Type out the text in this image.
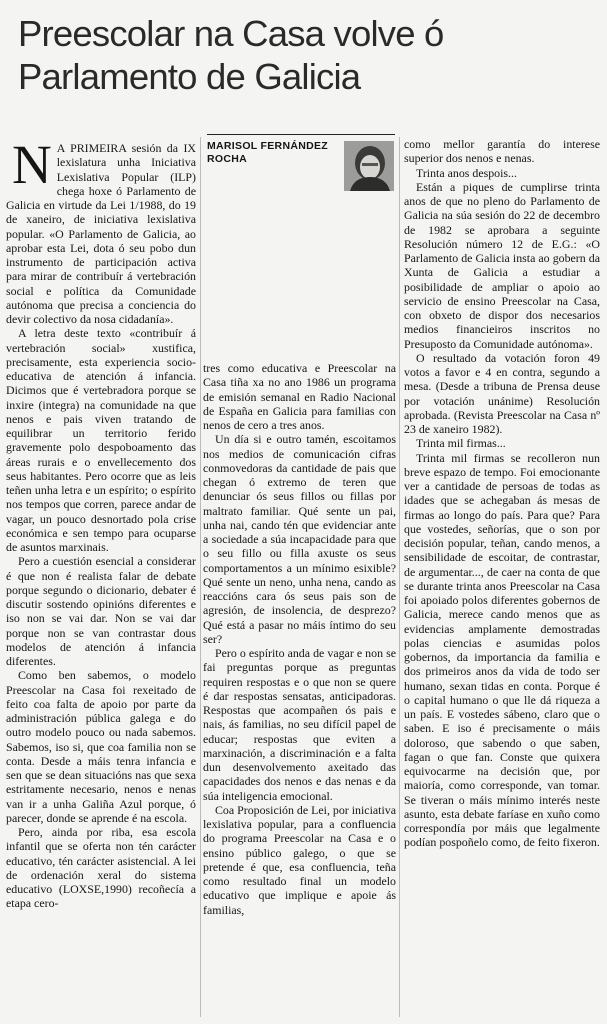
Preescolar na Casa volve ó
Parlamento de Galicia
N A PRIMEIRA sesión da IX lexislatura unha Iniciativa Lexislativa Popular (ILP) chega hoxe ó Parlamento de Galicia en virtude da Lei 1/1988, do 19 de xaneiro, de iniciativa lexislativa popular. «O Parlamento de Galicia, ao aprobar esta Lei, dota ó seu pobo dun instrumento de participación activa para mirar de contribuír á vertebración social e política da Comunidade autónoma que precisa a conciencia do devir colectivo da nosa cidadanía».

A letra deste texto «contribuír á vertebración social» xustifica, precisamente, esta experiencia socio-educativa de atención á infancia. Dicimos que é vertebradora porque se inxire (integra) na comunidade na que nenos e pais viven tratando de equilibrar un territorio ferido gravemente polo despoboamento das áreas rurais e o envellecemento dos seus habitantes. Pero ocorre que as leis teñen unha letra e un espírito; o espírito nos tempos que corren, parece andar de vagar, un pouco desnortado pola crise económica e sen tempo para ocuparse de asuntos marxinais.

Pero a cuestión esencial a considerar é que non é realista falar de debate porque segundo o dicionario, debater é discutir sostendo opinións diferentes e iso non se vai dar. Non se vai dar porque non se van contrastar dous modelos de atención á infancia diferentes.

Como ben sabemos, o modelo Preescolar na Casa foi rexeitado de feito coa falta de apoio por parte da administración pública galega e do outro modelo pouco ou nada sabemos. Sabemos, iso si, que coa familia non se conta. Desde a máis tenra infancia e sen que se dean situacións nas que sexa estritamente necesario, nenos e nenas van ir a unha Galiña Azul porque, ó parecer, donde se aprende é na escola.

Pero, ainda por riba, esa escola infantil que se oferta non tén carácter educativo, tén carácter asistencial. A lei de ordenación xeral do sistema educativo (LOXSE,1990) recoñecía a etapa cero-

MARISOL FERNÁNDEZ
ROCHA

tres como educativa e Preescolar na Casa tiña xa no ano 1986 un programa de emisión semanal en Radio Nacional de España en Galicia para familias con nenos de cero a tres anos.

Un día si e outro tamén, escoitamos nos medios de comunicación cifras conmovedoras da cantidade de pais que chegan ó extremo de teren que denunciar ós seus fillos ou fillas por maltrato familiar. Qué sente un pai, unha nai, cando tén que evidenciar ante a sociedade a súa incapacidade para que o seu fillo ou filla axuste os seus comportamentos a un mínimo esixible? Qué sente un neno, unha nena, cando as reaccións cara ós seus pais son de agresión, de insolencia, de desprezo? Qué está a pasar no máis íntimo do seu ser?

Pero o espírito anda de vagar e non se fai preguntas porque as preguntas requiren respostas e o que non se quere é dar respostas sensatas, anticipadoras. Respostas que acompañen ós pais e nais, ás familias, no seu difícil papel de educar; respostas que eviten a marxinación, a discriminación e a falta dun desenvolvemento axeitado das capacidades dos nenos e das nenas e da súa inteligencia emocional.

Coa Proposición de Lei, por iniciativa lexislativa popular, para a confluencia do programa Preescolar na Casa e o ensino público galego, o que se pretende é que, esa confluencia, teña como resultado final un modelo educativo que implique e apoie ás familias,

como mellor garantía do interese superior dos nenos e nenas.

Trinta anos despois...

Están a piques de cumplirse trinta anos de que no pleno do Parlamento de Galicia na súa sesión do 22 de decembro de 1982 se aprobara a seguinte Resolución número 12 de E.G.: «O Parlamento de Galicia insta ao gobern da Xunta de Galicia a estudiar a posibilidade de ampliar o apoio ao servicio de ensino Preescolar na Casa, con obxeto de dispor dos necesarios medios financieiros inscritos no Presuposto da Comunidade autónoma».

O resultado da votación foron 49 votos a favor e 4 en contra, segundo a mesa. (Desde a tribuna de Prensa deuse por votación unánime) Resolución aprobada. (Revista Preescolar na Casa nº 23 de xaneiro 1982).

Trinta mil firmas...

Trinta mil firmas se recolleron nun breve espazo de tempo. Foi emocionante ver a cantidade de persoas de todas as idades que se achegaban ás mesas de firmas ao longo do país. Para que? Para que vostedes, señorías, que o son por decisión popular, teñan, cando menos, a sensibilidade de escoitar, de contrastar, de argumentar..., de caer na conta de que se durante trinta anos Preescolar na Casa foi apoiado polos diferentes gobernos de Galicia, merece cando menos que as evidencias amplamente demostradas polas ciencias e asumidas polos gobernos, da importancia da familia e dos primeiros anos da vida de todo ser humano, sexan tidas en conta. Porque é o capital humano o que lle dá riqueza a un país. E vostedes sábeno, claro que o saben. E iso é precisamente o máis doloroso, que sabendo o que saben, fagan o que fan. Conste que quixera equivocarme na decisión que, por maioría, como corresponde, van tomar. Se tiveran o máis mínimo interés neste asunto, esta debate faríase en xuño como correspondía por máis que legalmente podían pospoñelo como, de feito fixeron.
